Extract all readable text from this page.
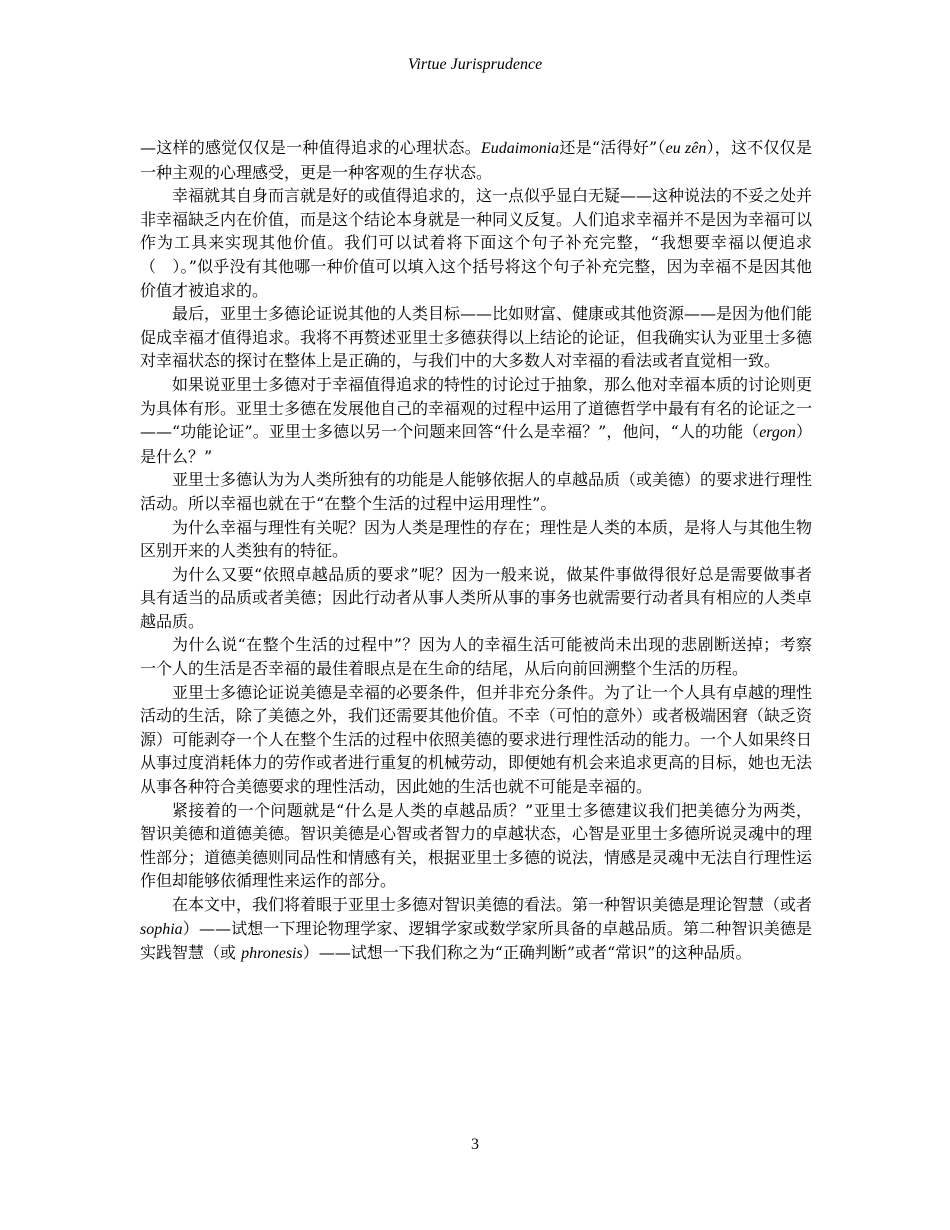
Virtue Jurisprudence

—这样的感觉仅仅是一种值得追求的心理状态。Eudaimonia还是“活得好”（eu zên），这不仅仅是一种主观的心理感受，更是一种客观的生存状态。

幸福就其自身而言就是好的或值得追求的，这一点似乎显白无疑——这种说法的不妥之处并非幸福缺乏内在价值，而是这个结论本身就是一种同义反复。人们追求幸福并不是因为幸福可以作为工具来实现其他价值。我们可以试着将下面这个句子补充完整，“我想要幸福以便追求（　）。”似乎没有其他哪一种价值可以填入这个括号将这个句子补充完整，因为幸福不是因其他价值才被追求的。

最后，亚里士多德论证说其他的人类目标——比如财富、健康或其他资源——是因为他们能促成幸福才值得追求。我将不再赘述亚里士多德获得以上结论的论证，但我确实认为亚里士多德对幸福状态的探讨在整体上是正确的，与我们中的大多数人对幸福的看法或者直觉相一致。

如果说亚里士多德对于幸福值得追求的特性的讨论过于抽象，那么他对幸福本质的讨论则更为具体有形。亚里士多德在发展他自己的幸福观的过程中运用了道德哲学中最有有名的论证之一——“功能论证”。亚里士多德以另一个问题来回答“什么是幸福？”，他问，“人的功能（ergon）是什么？”

亚里士多德认为为人类所独有的功能是人能够依据人的卓越品质（或美德）的要求进行理性活动。所以幸福也就在于“在整个生活的过程中运用理性”。

为什么幸福与理性有关呢？因为人类是理性的存在；理性是人类的本质，是将人与其他生物区别开来的人类独有的特征。

为什么又要“依照卓越品质的要求”呢？因为一般来说，做某件事做得很好总是需要做事者具有适当的品质或者美德；因此行动者从事人类所从事的事务也就需要行动者具有相应的人类卓越品质。

为什么说“在整个生活的过程中”？因为人的幸福生活可能被尚未出现的悲剧断送掉；考察一个人的生活是否幸福的最佳着眼点是在生命的结尾，从后向前回溯整个生活的历程。

亚里士多德论证说美德是幸福的必要条件，但并非充分条件。为了让一个人具有卓越的理性活动的生活，除了美德之外，我们还需要其他价值。不幸（可怕的意外）或者极端困窘（缺乏资源）可能剥夺一个人在整个生活的过程中依照美德的要求进行理性活动的能力。一个人如果终日从事过度消耗体力的劳作或者进行重复的机械劳动，即便她有机会来追求更高的目标，她也无法从事各种符合美德要求的理性活动，因此她的生活也就不可能是幸福的。

紧接着的一个问题就是“什么是人类的卓越品质？”亚里士多德建议我们把美德分为两类，智识美德和道德美德。智识美德是心智或者智力的卓越状态，心智是亚里士多德所说灵魂中的理性部分；道德美德则同品性和情感有关，根据亚里士多德的说法，情感是灵魂中无法自行理性运作但却能够依循理性来运作的部分。

在本文中，我们将着眼于亚里士多德对智识美德的看法。第一种智识美德是理论智慧（或者 sophia）——试想一下理论物理学家、逻辑学家或数学家所具备的卓越品质。第二种智识美德是实践智慧（或 phronesis）——试想一下我们称之为“正确判断”或者“常识”的这种品质。

3
